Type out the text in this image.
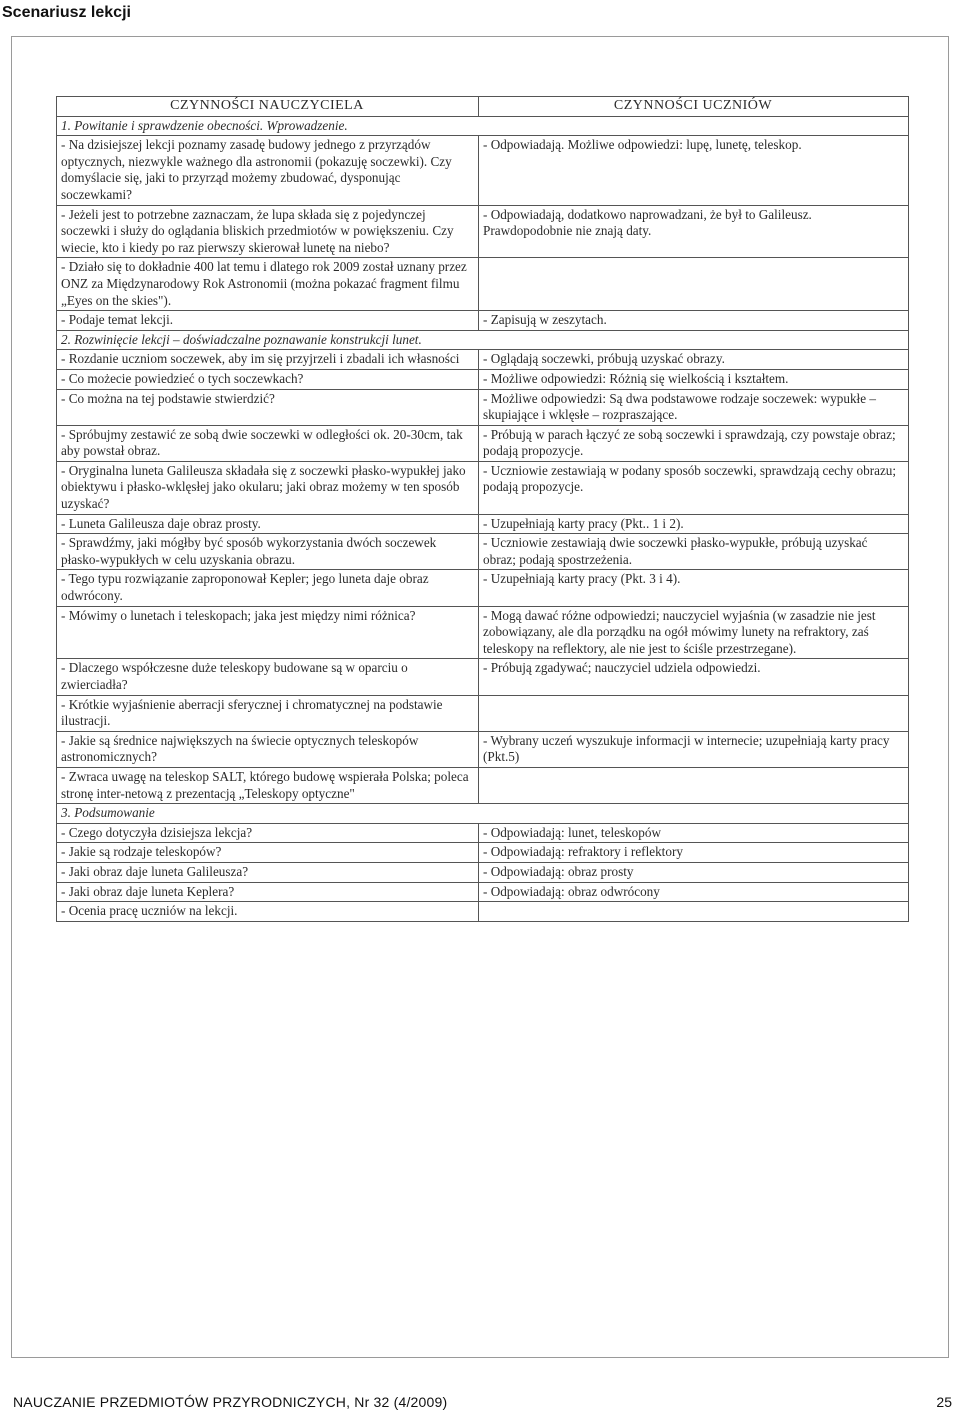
Scenariusz lekcji
CZYNNOŚCI NAUCZYCIELA	CZYNNOŚCI UCZNIÓW
1. Powitanie i sprawdzenie obecności. Wprowadzenie.	
- Na dzisiejszej lekcji poznamy zasadę budowy jednego z przyrządów optycznych, niezwykle ważnego dla astronomii (pokazuję soczewki). Czy domyślacie się, jaki to przyrząd możemy zbudować, dysponując soczewkami?	- Odpowiadają. Możliwe odpowiedzi: lupę, lunetę, teleskop.
- Jeżeli jest to potrzebne zaznaczam, że lupa składa się z pojedynczej soczewki i służy do oglądania bliskich przedmiotów w powiększeniu. Czy wiecie, kto i kiedy po raz pierwszy skierował lunetę na niebo?	- Odpowiadają, dodatkowo naprowadzani, że był to Galileusz. Prawdopodobnie nie znają daty.
- Działo się to dokładnie 400 lat temu i dlatego rok 2009 został uznany przez ONZ za Międzynarodowy Rok Astronomii (można pokazać fragment filmu „Eyes on the skies").	
- Podaje temat lekcji.	- Zapisują w zeszytach.
2. Rozwinięcie lekcji – doświadczalne poznawanie konstrukcji lunet.	
- Rozdanie uczniom soczewek, aby im się przyjrzeli i zbadali ich własności	- Oglądają soczewki, próbują uzyskać obrazy.
- Co możecie powiedzieć o tych soczewkach?	- Możliwe odpowiedzi: Różnią się wielkością i kształtem.
- Co można na tej podstawie stwierdzić?	- Możliwe odpowiedzi: Są dwa podstawowe rodzaje soczewek: wypukłe – skupiające i wklęsłe – rozpraszające.
- Spróbujmy zestawić ze sobą dwie soczewki w odległości ok. 20-30cm, tak aby powstał obraz.	- Próbują w parach łączyć ze sobą soczewki i sprawdzają, czy powstaje obraz; podają propozycje.
- Oryginalna luneta Galileusza składała się z soczewki płasko-wypukłej jako obiektywu i płasko-wklęsłej jako okularu; jaki obraz możemy w ten sposób uzyskać?	- Uczniowie zestawiają w podany sposób soczewki, sprawdzają cechy obrazu; podają propozycje.
- Luneta Galileusza daje obraz prosty.	- Uzupełniają karty pracy (Pkt.. 1 i 2).
- Sprawdźmy, jaki mógłby być sposób wykorzystania dwóch soczewek płasko-wypukłych w celu uzyskania obrazu.	- Uczniowie zestawiają dwie soczewki płasko-wypukłe, próbują uzyskać obraz; podają spostrzeżenia.
- Tego typu rozwiązanie zaproponował Kepler; jego luneta daje obraz odwrócony.	- Uzupełniają karty pracy (Pkt. 3 i 4).
- Mówimy o lunetach i teleskopach; jaka jest między nimi różnica?	- Mogą dawać różne odpowiedzi; nauczyciel wyjaśnia (w zasadzie nie jest zobowiązany, ale dla porządku na ogół mówimy lunety na refraktory, zaś teleskopy na reflektory, ale nie jest to ściśle przestrzegane).
- Dlaczego współczesne duże teleskopy budowane są w oparciu o zwierciadła?	- Próbują zgadywać; nauczyciel udziela odpowiedzi.
- Krótkie wyjaśnienie aberracji sferycznej i chromatycznej na podstawie ilustracji.	
- Jakie są średnice największych na świecie optycznych teleskopów astronomicznych?	- Wybrany uczeń wyszukuje informacji w internecie; uzupełniają karty pracy (Pkt.5)
- Zwraca uwagę na teleskop SALT, którego budowę wspierała Polska; poleca stronę inter-netową z prezentacją „Teleskopy optyczne"	
3. Podsumowanie	
- Czego dotyczyła dzisiejsza lekcja?	- Odpowiadają: lunet, teleskopów
- Jakie są rodzaje teleskopów?	- Odpowiadają: refraktory i reflektory
- Jaki obraz daje luneta Galileusza?	- Odpowiadają: obraz prosty
- Jaki obraz daje luneta Keplera?	- Odpowiadają: obraz odwrócony
- Ocenia pracę uczniów na lekcji.	
NAUCZANIE PRZEDMIOTÓW PRZYRODNICZYCH, Nr 32 (4/2009)	25
